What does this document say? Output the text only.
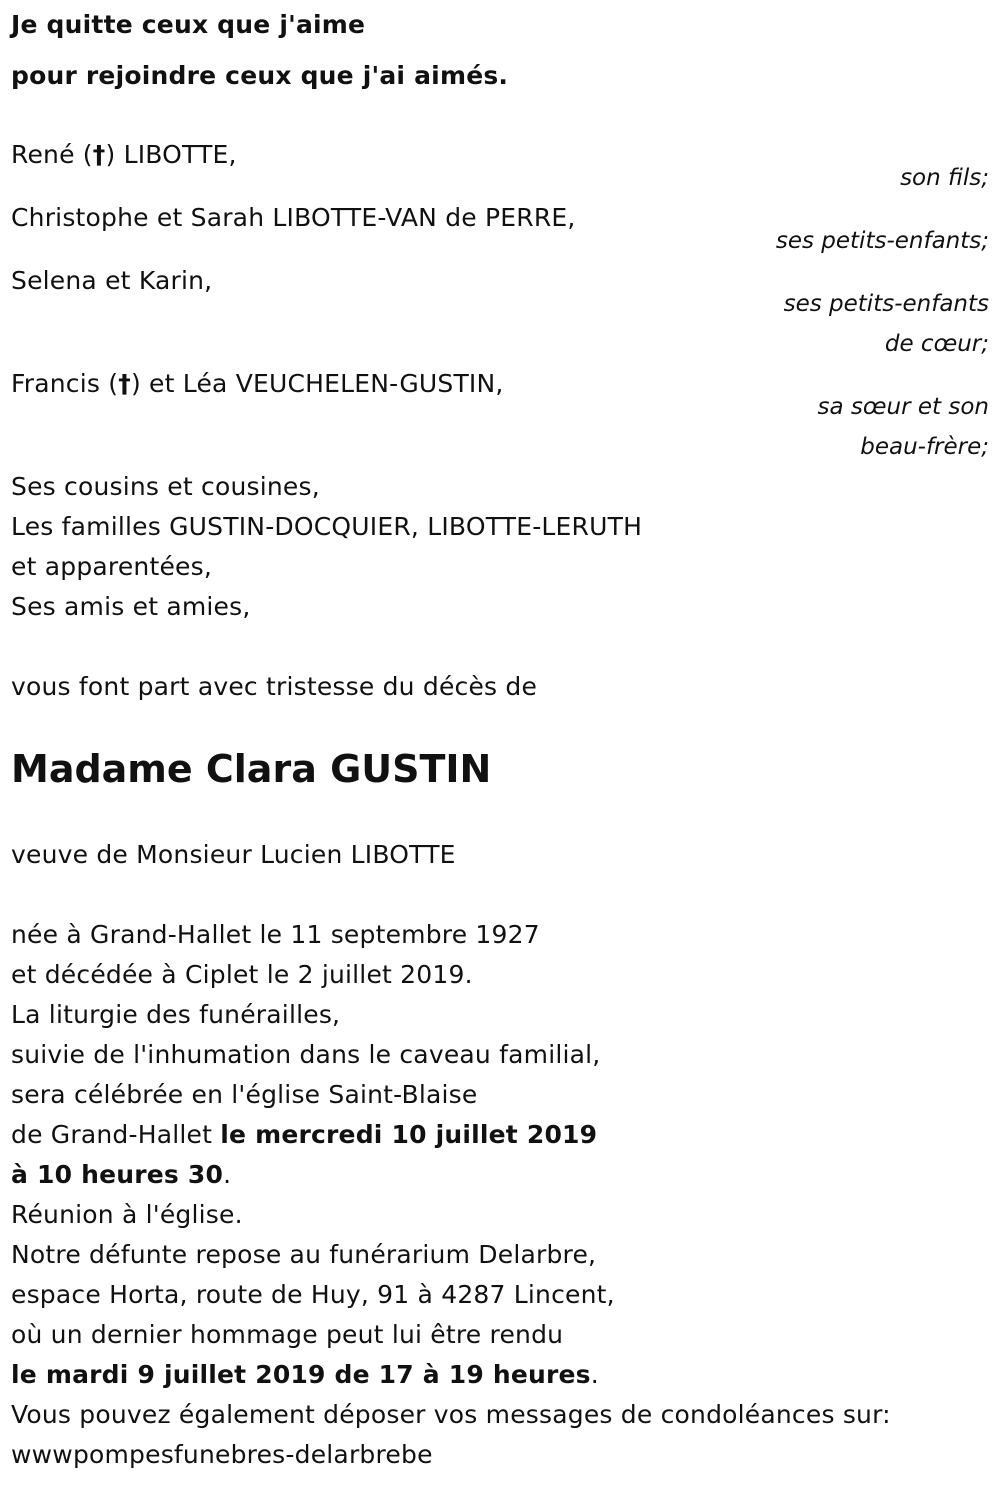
Je quitte ceux que j'aime
pour rejoindre ceux que j'ai aimés.
René (†) LIBOTTE,
son fils;
Christophe et Sarah LIBOTTE-VAN de PERRE,
ses petits-enfants;
Selena et Karin,
ses petits-enfants
de cœur;
Francis (†) et Léa VEUCHELEN-GUSTIN,
sa sœur et son
beau-frère;
Ses cousins et cousines,
Les familles GUSTIN-DOCQUIER, LIBOTTE-LERUTH
et apparentées,
Ses amis et amies,
vous font part avec tristesse du décès de
Madame Clara GUSTIN
veuve de Monsieur Lucien LIBOTTE
née à Grand-Hallet le 11 septembre 1927
et décédée à Ciplet le 2 juillet 2019.
La liturgie des funérailles,
suivie de l'inhumation dans le caveau familial,
sera célébrée en l'église Saint-Blaise
de Grand-Hallet le mercredi 10 juillet 2019
à 10 heures 30.
Réunion à l'église.
Notre défunte repose au funérarium Delarbre,
espace Horta, route de Huy, 91 à 4287 Lincent,
où un dernier hommage peut lui être rendu
le mardi 9 juillet 2019 de 17 à 19 heures.
Vous pouvez également déposer vos messages de condoléances sur:
wwwpompesfunebres-delarbrebe
